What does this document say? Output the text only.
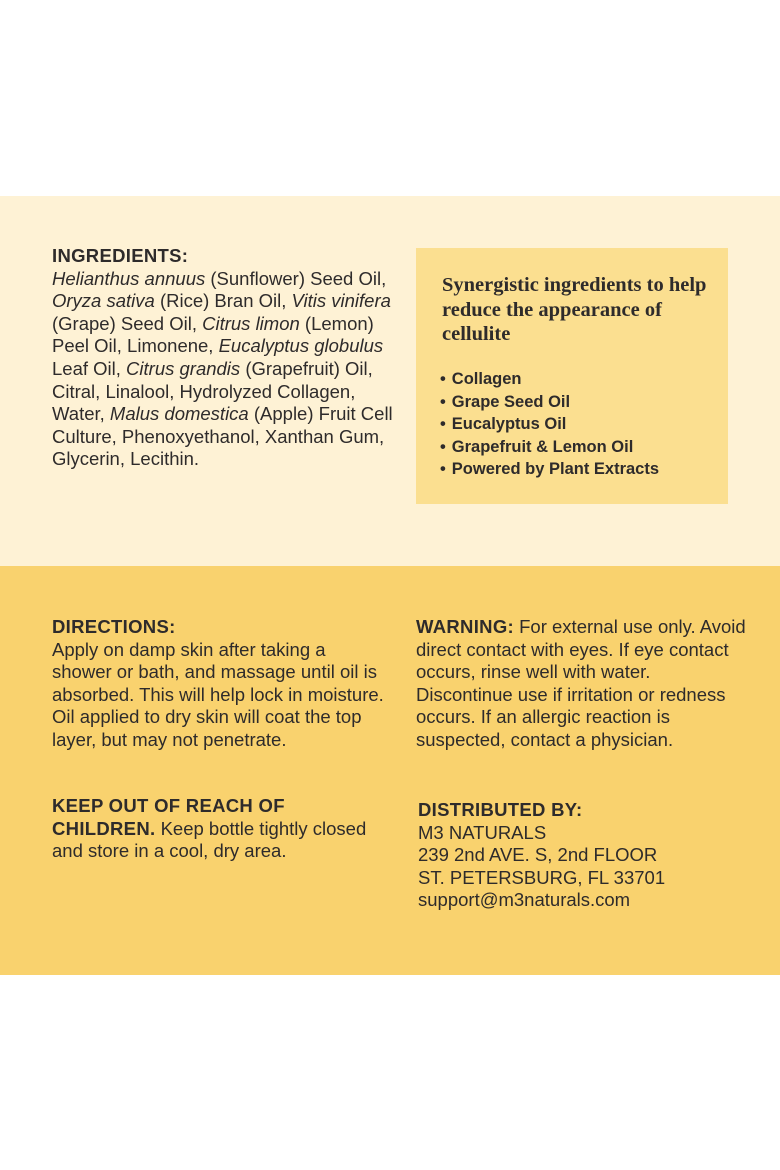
INGREDIENTS:
Helianthus annuus (Sunflower) Seed Oil, Oryza sativa (Rice) Bran Oil, Vitis vinifera (Grape) Seed Oil, Citrus limon (Lemon) Peel Oil, Limonene, Eucalyptus globulus Leaf Oil, Citrus grandis (Grapefruit) Oil, Citral, Linalool, Hydrolyzed Collagen, Water, Malus domestica (Apple) Fruit Cell Culture, Phenoxyethanol, Xanthan Gum, Glycerin, Lecithin.
Synergistic ingredients to help reduce the appearance of cellulite
• Collagen
• Grape Seed Oil
• Eucalyptus Oil
• Grapefruit & Lemon Oil
• Powered by Plant Extracts
DIRECTIONS:
Apply on damp skin after taking a shower or bath, and massage until oil is absorbed. This will help lock in moisture. Oil applied to dry skin will coat the top layer, but may not penetrate.
KEEP OUT OF REACH OF CHILDREN. Keep bottle tightly closed and store in a cool, dry area.
WARNING: For external use only. Avoid direct contact with eyes. If eye contact occurs, rinse well with water. Discontinue use if irritation or redness occurs. If an allergic reaction is suspected, contact a physician.
DISTRIBUTED BY:
M3 NATURALS
239 2nd AVE. S, 2nd FLOOR
ST. PETERSBURG, FL 33701
support@m3naturals.com
